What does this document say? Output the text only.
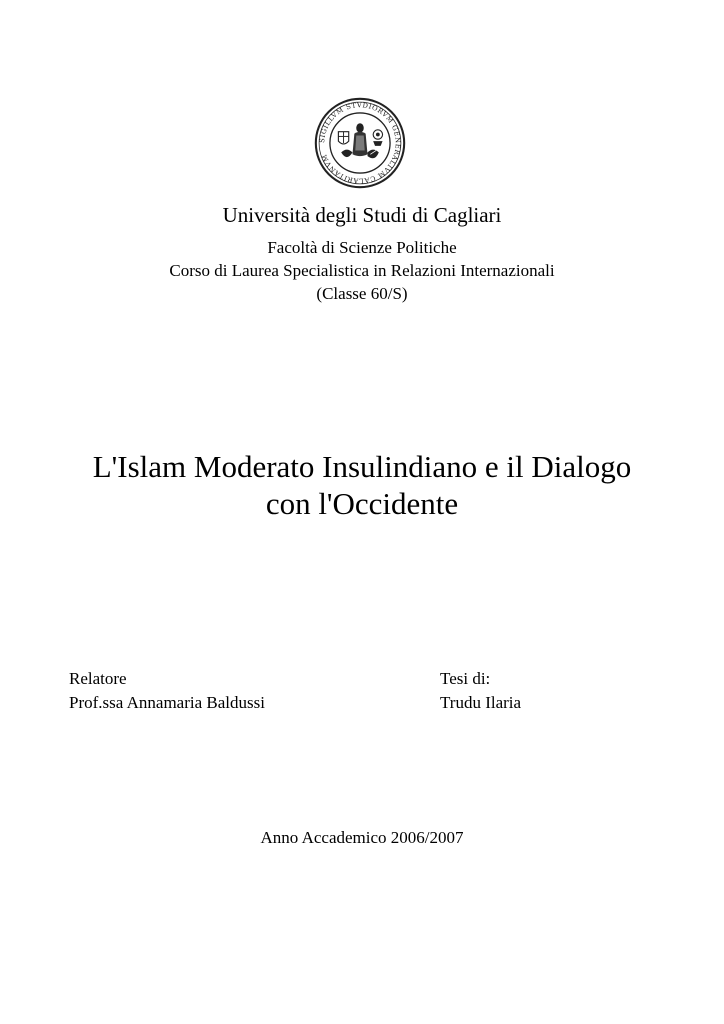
SIGILLVM STVDIORVM GENERALIVM CALARITANVM
Università degli Studi di Cagliari
Facoltà di Scienze Politiche
Corso di Laurea Specialistica in Relazioni Internazionali
(Classe 60/S)
L'Islam Moderato Insulindiano e il Dialogo
con l'Occidente
Relatore
Prof.ssa Annamaria Baldussi
Tesi di:
Trudu Ilaria
Anno Accademico 2006/2007
